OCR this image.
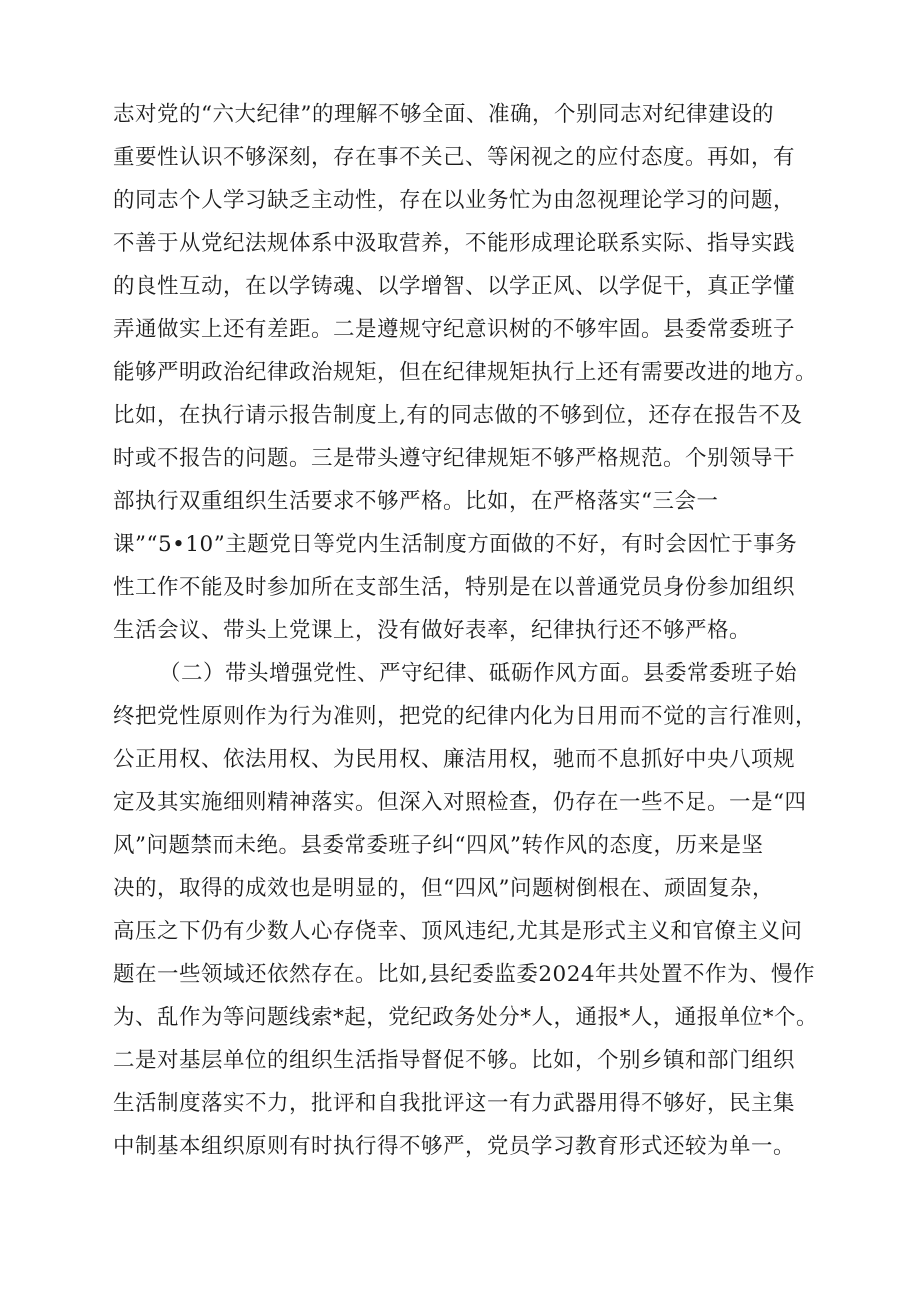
志对党的“六大纪律”的理解不够全面、准确，个别同志对纪律建设的
重要性认识不够深刻，存在事不关己、等闲视之的应付态度。再如，有
的同志个人学习缺乏主动性，存在以业务忙为由忽视理论学习的问题，
不善于从党纪法规体系中汲取营养，不能形成理论联系实际、指导实践
的良性互动，在以学铸魂、以学增智、以学正风、以学促干，真正学懂
弄通做实上还有差距。二是遵规守纪意识树的不够牢固。县委常委班子
能够严明政治纪律政治规矩，但在纪律规矩执行上还有需要改进的地方。
比如，在执行请示报告制度上,有的同志做的不够到位，还存在报告不及
时或不报告的问题。三是带头遵守纪律规矩不够严格规范。个别领导干
部执行双重组织生活要求不够严格。比如，在严格落实“三会一
课”“5•10”主题党日等党内生活制度方面做的不好，有时会因忙于事务
性工作不能及时参加所在支部生活，特别是在以普通党员身份参加组织
生活会议、带头上党课上，没有做好表率，纪律执行还不够严格。
（二）带头增强党性、严守纪律、砥砺作风方面。县委常委班子始
终把党性原则作为行为准则，把党的纪律内化为日用而不觉的言行准则，
公正用权、依法用权、为民用权、廉洁用权，驰而不息抓好中央八项规
定及其实施细则精神落实。但深入对照检查，仍存在一些不足。一是“四
风”问题禁而未绝。县委常委班子纠“四风”转作风的态度，历来是坚
决的，取得的成效也是明显的，但“四风”问题树倒根在、顽固复杂，
高压之下仍有少数人心存侥幸、顶风违纪,尤其是形式主义和官僚主义问
题在一些领域还依然存在。比如,县纪委监委2024年共处置不作为、慢作
为、乱作为等问题线索*起，党纪政务处分*人，通报*人，通报单位*个。
二是对基层单位的组织生活指导督促不够。比如，个别乡镇和部门组织
生活制度落实不力，批评和自我批评这一有力武器用得不够好，民主集
中制基本组织原则有时执行得不够严，党员学习教育形式还较为单一。
